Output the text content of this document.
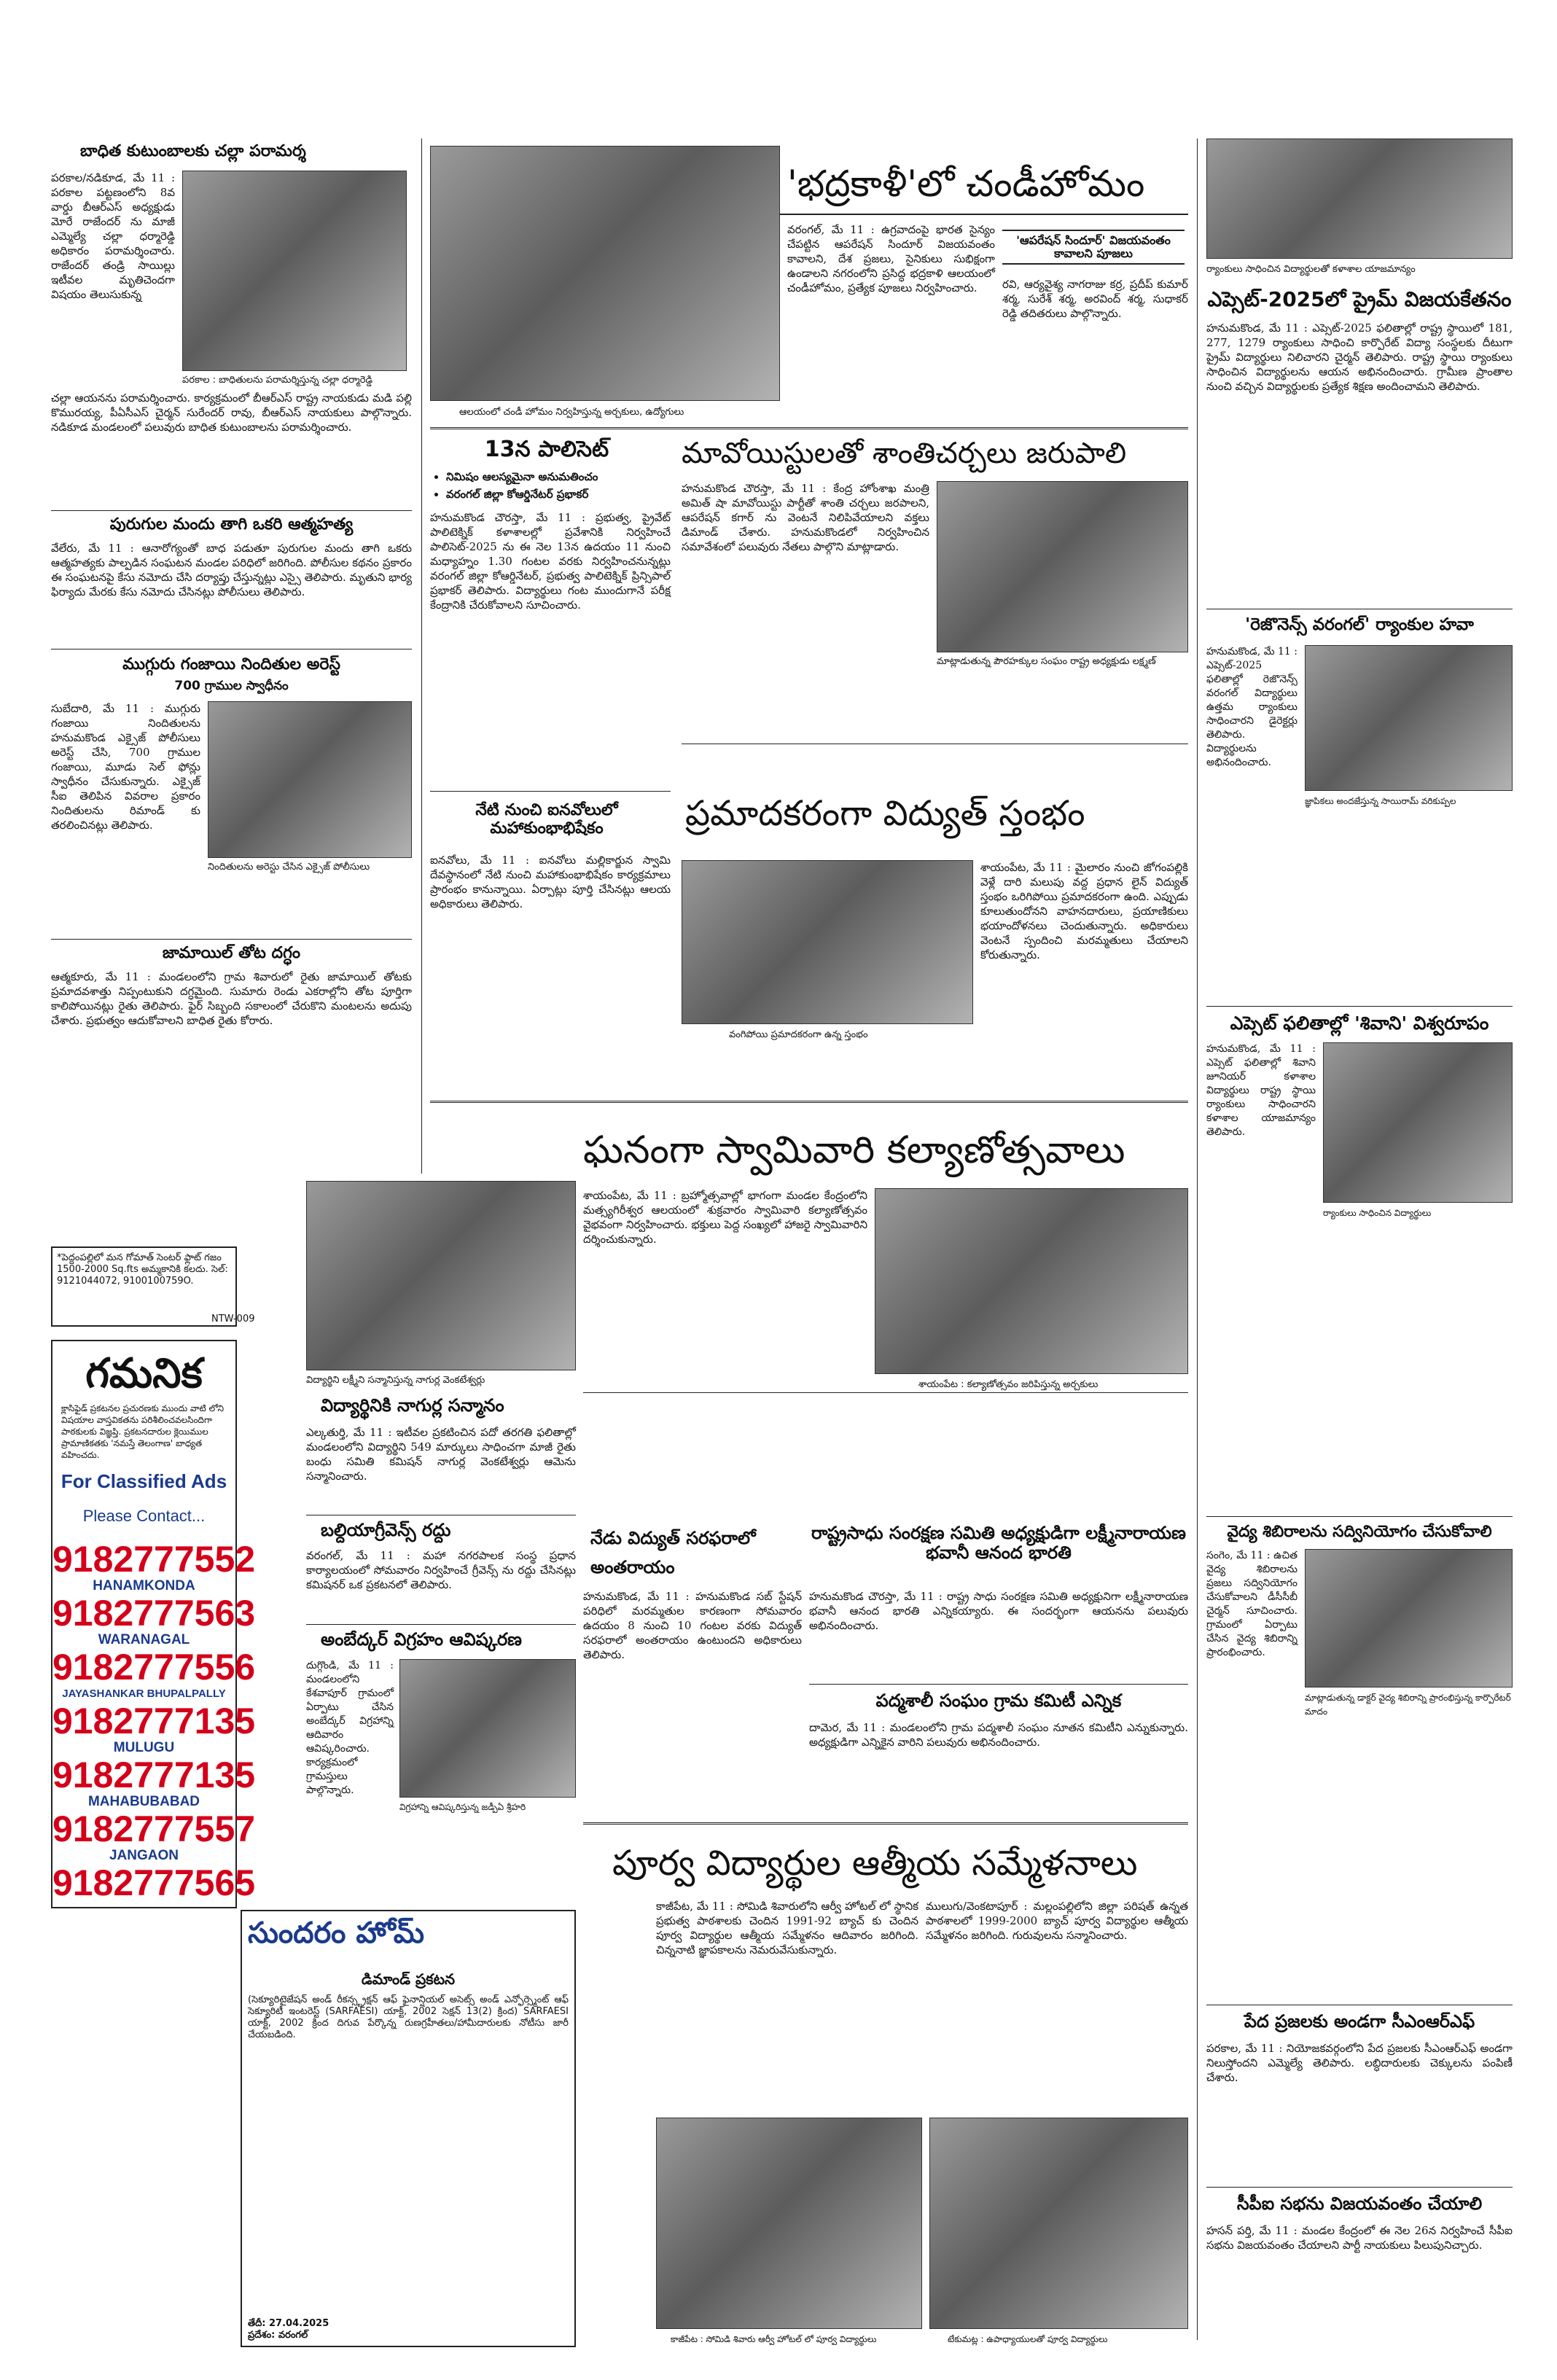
బాధిత కుటుంబాలకు చల్లా పరామర్శ

పరకాల/నడికూడ, మే 11 : పరకాల పట్టణంలోని 8వ వార్డు బీఆర్ఎస్ అధ్యక్షుడు మోరే రాజేందర్ ను మాజీ ఎమ్మెల్యే చల్లా ధర్మారెడ్డి అధికారం పరామర్శించారు. రాజేందర్ తండ్రి సాయిల్లు ఇటీవల మృతిచెందగా విషయం తెలుసుకున్న

పరకాల : బాధితులను పరామర్శిస్తున్న చల్లా ధర్మారెడ్డి

చల్లా ఆయనను పరామర్శించారు. కార్యక్రమంలో బీఆర్ఎస్ రాష్ట్ర నాయకుడు మడి పల్లి కొమురయ్య, పీఏసీఎస్ చైర్మన్ సురేందర్ రావు, బీఆర్ఎస్ నాయకులు పాల్గొన్నారు. నడికూడ మండలంలో పలువురు బాధిత కుటుంబాలను పరామర్శించారు.

పురుగుల మందు తాగి ఒకరి ఆత్మహత్య

వేలేరు, మే 11 : ఆనారోగ్యంతో బాధ పడుతూ పురుగుల మందు తాగి ఒకరు ఆత్మహత్యకు పాల్పడిన సంఘటన మండల పరిధిలో జరిగింది. పోలీసుల కథనం ప్రకారం ఈ సంఘటనపై కేసు నమోదు చేసి దర్యాప్తు చేస్తున్నట్లు ఎస్సై తెలిపారు. మృతుని భార్య ఫిర్యాదు మేరకు కేసు నమోదు చేసినట్లు పోలీసులు తెలిపారు.

ముగ్గురు గంజాయి నిందితుల అరెస్ట్

700 గ్రాముల స్వాధీనం

సుబేదారి, మే 11 : ముగ్గురు గంజాయి నిందితులను హనుమకొండ ఎక్సైజ్ పోలీసులు అరెస్ట్ చేసి, 700 గ్రాముల గంజాయి, మూడు సెల్ ఫోన్లు స్వాధీనం చేసుకున్నారు. ఎక్సైజ్ సీఐ తెలిపిన వివరాల ప్రకారం నిందితులను రిమాండ్ కు తరలించినట్లు తెలిపారు.

నిందితులను అరెస్టు చేసిన ఎక్సైజ్ పోలీసులు

జామాయిల్ తోట దగ్ధం

ఆత్మకూరు, మే 11 : మండలంలోని గ్రామ శివారులో రైతు జామాయిల్ తోటకు ప్రమాదవశాత్తు నిప్పంటుకుని దగ్ధమైంది. సుమారు రెండు ఎకరాల్లోని తోట పూర్తిగా కాలిపోయినట్లు రైతు తెలిపారు. ఫైర్ సిబ్బంది సకాలంలో చేరుకొని మంటలను అదుపు చేశారు. ప్రభుత్వం ఆదుకోవాలని బాధిత రైతు కోరారు.

*పెద్దంపల్లిలో మన గోమాత్ సెంటర్ ఫ్లాట్ గజం 1500-2000 Sq.fts అమ్మకానికి కలదు. సెల్: 9121044072, 9100100759O.

NTW-009

గమనిక

క్లాసిఫైడ్ ప్రకటనల ప్రచురణకు ముందు వాటి లోని విషయాల వాస్తవికతను పరిశీలించవలసిందిగా పాఠకులకు విజ్ఞప్తి. ప్రకటనదారుల క్లెయిముల ప్రామాణికతకు 'నమస్తే తెలంగాణ' బాధ్యత వహించదు.

For Classified Ads

Please Contact...

9182777552
HANAMKONDA
9182777563
WARANAGAL
9182777556
JAYASHANKAR BHUPALPALLY
9182777135
MULUGU
9182777135
MAHABUBABAD
9182777557
JANGAON
9182777565
'భద్రకాళీ'లో చండీహోమం

వరంగల్, మే 11 : ఉగ్రవాదంపై భారత సైన్యం చేపట్టిన ఆపరేషన్ సిందూర్ విజయవంతం కావాలని, దేశ ప్రజలు, సైనికులు సుభిక్షంగా ఉండాలని నగరంలోని ప్రసిద్ధ భద్రకాళి ఆలయంలో చండీహోమం, ప్రత్యేక పూజలు నిర్వహించారు.

'ఆపరేషన్ సిందూర్' విజయవంతం కావాలని పూజలు

రవి, ఆర్యవైశ్య నాగరాజు కర్ర, ప్రదీప్ కుమార్ శర్మ, సురేశ్ శర్మ, అరవింద్ శర్మ, సుధాకర్ రెడ్డి తదితరులు పాల్గొన్నారు.

ఆలయంలో చండీ హోమం నిర్వహిస్తున్న అర్చకులు, ఉద్యోగులు

13న పాలిసెట్
• నిమిషం ఆలస్యమైనా అనుమతించం
• వరంగల్ జిల్లా కోఆర్డినేటర్ ప్రభాకర్

హనుమకొండ చౌరస్తా, మే 11 : ప్రభుత్వ, ప్రైవేట్ పాలిటెక్నిక్ కళాశాలల్లో ప్రవేశానికి నిర్వహించే పాలిసెట్-2025 ను ఈ నెల 13న ఉదయం 11 నుంచి మధ్యాహ్నం 1.30 గంటల వరకు నిర్వహించనున్నట్లు వరంగల్ జిల్లా కోఆర్డినేటర్, ప్రభుత్వ పాలిటెక్నిక్ ప్రిన్సిపాల్ ప్రభాకర్ తెలిపారు. విద్యార్థులు గంట ముందుగానే పరీక్ష కేంద్రానికి చేరుకోవాలని సూచించారు.

నేటి నుంచి ఐనవోలులో మహాకుంభాభిషేకం

ఐనవోలు, మే 11 : ఐనవోలు మల్లికార్జున స్వామి దేవస్థానంలో నేటి నుంచి మహాకుంభాభిషేకం కార్యక్రమాలు ప్రారంభం కానున్నాయి. ఏర్పాట్లు పూర్తి చేసినట్లు ఆలయ అధికారులు తెలిపారు.

మావోయిస్టులతో శాంతిచర్చలు జరుపాలి

హనుమకొండ చౌరస్తా, మే 11 : కేంద్ర హోంశాఖ మంత్రి అమిత్ షా మావోయిస్టు పార్టీతో శాంతి చర్చలు జరపాలని, ఆపరేషన్ కగార్ ను వెంటనే నిలిపివేయాలని వక్తలు డిమాండ్ చేశారు. హనుమకొండలో నిర్వహించిన సమావేశంలో పలువురు నేతలు పాల్గొని మాట్లాడారు.

మాట్లాడుతున్న పౌరహక్కుల సంఘం రాష్ట్ర అధ్యక్షుడు లక్ష్మణ్

ప్రమాదకరంగా విద్యుత్ స్తంభం

వంగిపోయి ప్రమాదకరంగా ఉన్న స్తంభం

శాయంపేట, మే 11 : మైలారం నుంచి జోగంపల్లికి వెళ్లే దారి మలుపు వద్ద ప్రధాన లైన్ విద్యుత్ స్తంభం ఒరిగిపోయి ప్రమాదకరంగా ఉంది. ఎప్పుడు కూలుతుందోనని వాహనదారులు, ప్రయాణికులు భయాందోళనలు చెందుతున్నారు. అధికారులు వెంటనే స్పందించి మరమ్మతులు చేయాలని కోరుతున్నారు.

ఘనంగా స్వామివారి కల్యాణోత్సవాలు

శాయంపేట, మే 11 : బ్రహ్మోత్సవాల్లో భాగంగా మండల కేంద్రంలోని మత్స్యగిరీశ్వర ఆలయంలో శుక్రవారం స్వామివారి కల్యాణోత్సవం వైభవంగా నిర్వహించారు. భక్తులు పెద్ద సంఖ్యలో హాజరై స్వామివారిని దర్శించుకున్నారు.

శాయంపేట : కల్యాణోత్సవం జరిపిస్తున్న అర్చకులు

విద్యార్థిని లక్ష్మీని సన్మానిస్తున్న నాగుర్ల వెంకటేశ్వర్లు

విద్యార్థినికి నాగుర్ల సన్మానం

ఎల్కతుర్తి, మే 11 : ఇటీవల ప్రకటించిన పదో తరగతి ఫలితాల్లో మండలంలోని విద్యార్థిని 549 మార్కులు సాధించగా మాజీ రైతు బంధు సమితి కమిషన్ నాగుర్ల వెంకటేశ్వర్లు ఆమెను సన్మానించారు.

బల్దియాగ్రీవెన్స్ రద్దు

వరంగల్, మే 11 : మహా నగరపాలక సంస్థ ప్రధాన కార్యాలయంలో సోమవారం నిర్వహించే గ్రీవెన్స్ ను రద్దు చేసినట్లు కమిషనర్ ఒక ప్రకటనలో తెలిపారు.

అంబేద్కర్ విగ్రహం ఆవిష్కరణ

దుగ్గొండి, మే 11 : మండలంలోని కేశవాపూర్ గ్రామంలో ఏర్పాటు చేసిన అంబేద్కర్ విగ్రహాన్ని ఆదివారం ఆవిష్కరించారు. కార్యక్రమంలో గ్రామస్తులు పాల్గొన్నారు.

విగ్రహాన్ని ఆవిష్కరిస్తున్న జడ్పీఏ శ్రీహరి

నేడు విద్యుత్ సరఫరాలో అంతరాయం

హనుమకొండ, మే 11 : హనుమకొండ సబ్ స్టేషన్ పరిధిలో మరమ్మతుల కారణంగా సోమవారం ఉదయం 8 నుంచి 10 గంటల వరకు విద్యుత్ సరఫరాలో అంతరాయం ఉంటుందని అధికారులు తెలిపారు.

రాష్ట్రసాధు సంరక్షణ సమితి అధ్యక్షుడిగా లక్ష్మీనారాయణ భవానీ ఆనంద భారతి

హనుమకొండ చౌరస్తా, మే 11 : రాష్ట్ర సాధు సంరక్షణ సమితి అధ్యక్షునిగా లక్ష్మీనారాయణ భవానీ ఆనంద భారతి ఎన్నికయ్యారు. ఈ సందర్భంగా ఆయనను పలువురు అభినందించారు.

పద్మశాలీ సంఘం గ్రామ కమిటీ ఎన్నిక

దామెర, మే 11 : మండలంలోని గ్రామ పద్మశాలీ సంఘం నూతన కమిటీని ఎన్నుకున్నారు. అధ్యక్షుడిగా ఎన్నికైన వారిని పలువురు అభినందించారు.

పూర్వ విద్యార్థుల ఆత్మీయ సమ్మేళనాలు

కాజీపేట, మే 11 : సోమిడి శివారులోని ఆర్వీ హోటల్ లో స్థానిక ప్రభుత్వ పాఠశాలకు చెందిన 1991-92 బ్యాచ్ కు చెందిన పూర్వ విద్యార్థుల ఆత్మీయ సమ్మేళనం ఆదివారం జరిగింది. చిన్ననాటి జ్ఞాపకాలను నెమరువేసుకున్నారు.

ములుగు/వెంకటాపూర్ : మల్లంపల్లిలోని జిల్లా పరిషత్ ఉన్నత పాఠశాలలో 1999-2000 బ్యాచ్ పూర్వ విద్యార్థుల ఆత్మీయ సమ్మేళనం జరిగింది. గురువులను సన్మానించారు.

కాజీపేట : సోమిడి శివారు ఆర్వీ హోటల్ లో పూర్వ విద్యార్థులు	టేకుమట్ల : ఉపాధ్యాయులతో పూర్వ విద్యార్థులు

సుందరం హోమ్

డిమాండ్ ప్రకటన

(సెక్యూరిటైజేషన్ అండ్ రీకన్స్ట్రక్షన్ ఆఫ్ ఫైనాన్షియల్ అసెట్స్ అండ్ ఎన్ఫోర్స్మెంట్ ఆఫ్ సెక్యూరిటీ ఇంటరెస్ట్ (SARFAESI) యాక్ట్, 2002 సెక్షన్ 13(2) క్రింద) SARFAESI యాక్ట్, 2002 క్రింద దిగువ పేర్కొన్న రుణగ్రహీతలు/హామీదారులకు నోటీసు జారీ చేయబడింది.

తేదీ: 27.04.2025

ప్రదేశం: వరంగల్

ర్యాంకులు సాధించిన విద్యార్థులతో కళాశాల యాజమాన్యం

ఎప్సెట్-2025లో ప్రైమ్ విజయకేతనం

హనుమకొండ, మే 11 : ఎప్సెట్-2025 ఫలితాల్లో రాష్ట్ర స్థాయిలో 181, 277, 1279 ర్యాంకులు సాధించి కార్పొరేట్ విద్యా సంస్థలకు దీటుగా ప్రైమ్ విద్యార్థులు నిలిచారని చైర్మన్ తెలిపారు. రాష్ట్ర స్థాయి ర్యాంకులు సాధించిన విద్యార్థులను ఆయన అభినందించారు. గ్రామీణ ప్రాంతాల నుంచి వచ్చిన విద్యార్థులకు ప్రత్యేక శిక్షణ అందించామని తెలిపారు.

'రెజొనెన్స్ వరంగల్' ర్యాంకుల హవా

హనుమకొండ, మే 11 : ఎప్సెట్-2025 ఫలితాల్లో రెజొనెన్స్ వరంగల్ విద్యార్థులు ఉత్తమ ర్యాంకులు సాధించారని డైరెక్టర్లు తెలిపారు. విద్యార్థులను అభినందించారు.

జ్ఞాపికలు అందజేస్తున్న సాయిరామ్ వరికుప్పల

ఎప్సెట్ ఫలితాల్లో 'శివాని' విశ్వరూపం

హనుమకొండ, మే 11 : ఎప్సెట్ ఫలితాల్లో శివాని జూనియర్ కళాశాల విద్యార్థులు రాష్ట్ర స్థాయి ర్యాంకులు సాధించారని కళాశాల యాజమాన్యం తెలిపారు.

ర్యాంకులు సాధించిన విద్యార్థులు

వైద్య శిబిరాలను సద్వినియోగం చేసుకోవాలి

సంగెం, మే 11 : ఉచిత వైద్య శిబిరాలను ప్రజలు సద్వినియోగం చేసుకోవాలని డీసీసీబీ చైర్మన్ సూచించారు. గ్రామంలో ఏర్పాటు చేసిన వైద్య శిబిరాన్ని ప్రారంభించారు.

మాట్లాడుతున్న డాక్టర్ వైద్య శిబిరాన్ని ప్రారంభిస్తున్న కార్పొరేటర్ మాదం

పేద ప్రజలకు అండగా సీఎంఆర్ఎఫ్

పరకాల, మే 11 : నియోజకవర్గంలోని పేద ప్రజలకు సీఎంఆర్ఎఫ్ అండగా నిలుస్తోందని ఎమ్మెల్యే తెలిపారు. లబ్ధిదారులకు చెక్కులను పంపిణీ చేశారు.

సీపీఐ సభను విజయవంతం చేయాలి

హసన్ పర్తి, మే 11 : మండల కేంద్రంలో ఈ నెల 26న నిర్వహించే సీపీఐ సభను విజయవంతం చేయాలని పార్టీ నాయకులు పిలుపునిచ్చారు.
